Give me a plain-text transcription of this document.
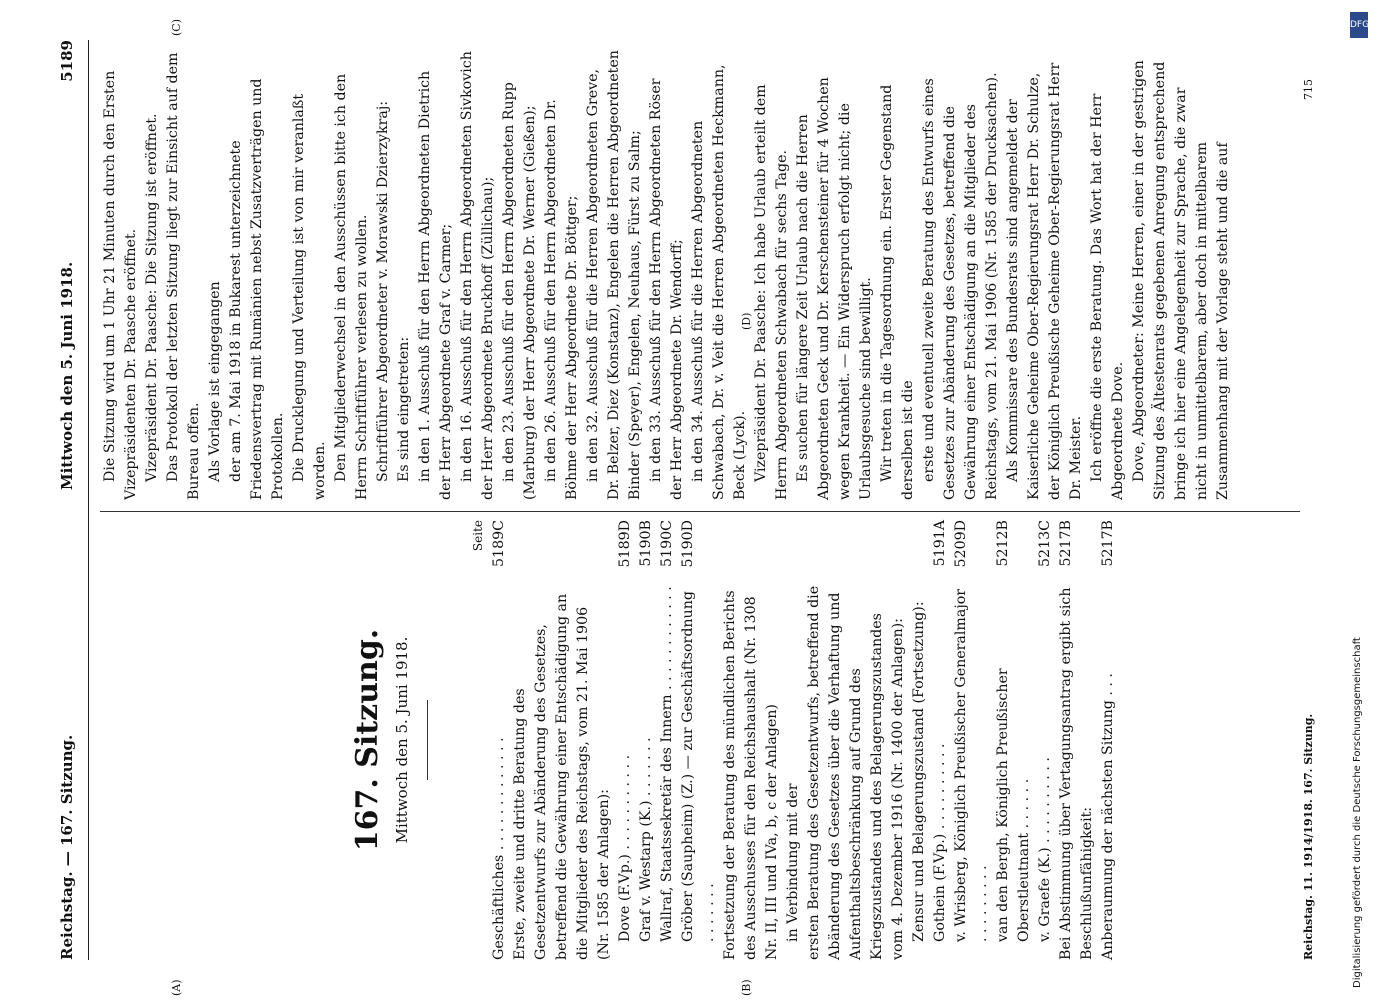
Reichstag. — 167. Sitzung.
Mittwoch den 5. Juni 1918.
5189
(A)	(B)
(C)
(D)
167. Sitzung. Mittwoch den 5. Juni 1918.
Seite
Geschäftliches . . . . . . . . . . . . .
5189C
Erste, zweite und dritte Beratung des Gesetzentwurfs zur Abänderung des Gesetzes, betreffend die Gewährung einer Entschädigung an die Mitglieder des Reichstags, vom 21. Mai 1906 (Nr. 1585 der Anlagen): Dove (F.Vp.) . . . . . . . . . . .
5189D
Graf v. Westarp (K.) . . . . . . .
5190B
Wallraf, Staatssekretär des Innern . . . . . . . . . . . .
5190C
Gröber (Saupheim) (Z.) — zur Geschäftsordnung . . . . . . .
5190D
Fortsetzung der Beratung des mündlichen Berichts des Ausschusses für den Reichshaushalt (Nr. 1308 Nr. II, III und IVa, b, c der Anlagen) in Verbindung mit der ersten Beratung des Gesetzentwurfs, betreffend die Abänderung des Gesetzes über die Verhaftung und Aufenthaltsbeschränkung auf Grund des Kriegszustandes und des Belagerungszustandes vom 4. Dezember 1916 (Nr. 1400 der Anlagen): Zensur und Belagerungszustand (Fortsetzung): Gothein (F.Vp.) . . . . . . . . . .
5191A
v. Wrisberg, Königlich Preußischer Generalmajor . . . . . . . . .
5209D
van den Bergh, Königlich Preußischer Oberstleutnant . . . . . .
5212B
v. Graefe (K.) . . . . . . . . . .
5213C
Bei Abstimmung über Vertagungsantrag ergibt sich Beschlußunfähigkeit:
5217B
Anberaumung der nächsten Sitzung . . .
5217B

Die Sitzung wird um 1 Uhr 21 Minuten durch den Ersten Vizepräsidenten Dr. Paasche eröffnet. Vizepräsident Dr. Paasche: Die Sitzung ist eröffnet. Das Protokoll der letzten Sitzung liegt zur Einsicht auf dem Bureau offen. Als Vorlage ist eingegangen der am 7. Mai 1918 in Bukarest unterzeichnete Friedensvertrag mit Rumänien nebst Zusatzverträgen und Protokollen. Die Drucklegung und Verteilung ist von mir veranlaßt worden. Den Mitgliederwechsel in den Ausschüssen bitte ich den Herrn Schriftführer verlesen zu wollen. Schriftführer Abgeordneter v. Morawski Dzierzykraj: Es sind eingetreten: in den 1. Ausschuß für den Herrn Abgeordneten Dietrich der Herr Abgeordnete Graf v. Carmer; in den 16. Ausschuß für den Herrn Abgeordneten Sivkovich der Herr Abgeordnete Bruckhoff (Züllichau); in den 23. Ausschuß für den Herrn Abgeordneten Rupp (Marburg) der Herr Abgeordnete Dr. Werner (Gießen); in den 26. Ausschuß für den Herrn Abgeordneten Dr. Böhme der Herr Abgeordnete Dr. Böttger; in den 32. Ausschuß für die Herren Abgeordneten Greve, Dr. Belzer, Diez (Konstanz), Engelen die Herren Abgeordneten Binder (Speyer), Engelen, Neuhaus, Fürst zu Salm; in den 33. Ausschuß für den Herrn Abgeordneten Röser der Herr Abgeordnete Dr. Wendorff; in den 34. Ausschuß für die Herren Abgeordneten Schwabach, Dr. v. Veit die Herren Abgeordneten Heckmann, Beck (Lyck). Vizepräsident Dr. Paasche: Ich habe Urlaub erteilt dem Herrn Abgeordneten Schwabach für sechs Tage. Es suchen für längere Zeit Urlaub nach die Herren Abgeordneten Geck und Dr. Kerschensteiner für 4 Wochen wegen Krankheit. — Ein Widerspruch erfolgt nicht; die Urlaubsgesuche sind bewilligt. Wir treten in die Tagesordnung ein. Erster Gegenstand derselben ist die erste und eventuell zweite Beratung des Entwurfs eines Gesetzes zur Abänderung des Gesetzes, betreffend die Gewährung einer Entschädigung an die Mitglieder des Reichstags, vom 21. Mai 1906 (Nr. 1585 der Drucksachen). Als Kommissare des Bundesrats sind angemeldet der Kaiserliche Geheime Ober-Regierungsrat Herr Dr. Schulze, der Königlich Preußische Geheime Ober-Regierungsrat Herr Dr. Meister. Ich eröffne die erste Beratung. Das Wort hat der Herr Abgeordnete Dove. Dove, Abgeordneter: Meine Herren, einer in der gestrigen Sitzung des Ältestenrats gegebenen Anregung entsprechend bringe ich hier eine Angelegenheit zur Sprache, die zwar nicht in unmittelbarem, aber doch in mittelbarem Zusammenhang mit der Vorlage steht und die auf

Reichstag. 11. 1914/1918. 167. Sitzung.
715
DFG
Digitalisierung gefördert durch die Deutsche Forschungsgemeinschaft
